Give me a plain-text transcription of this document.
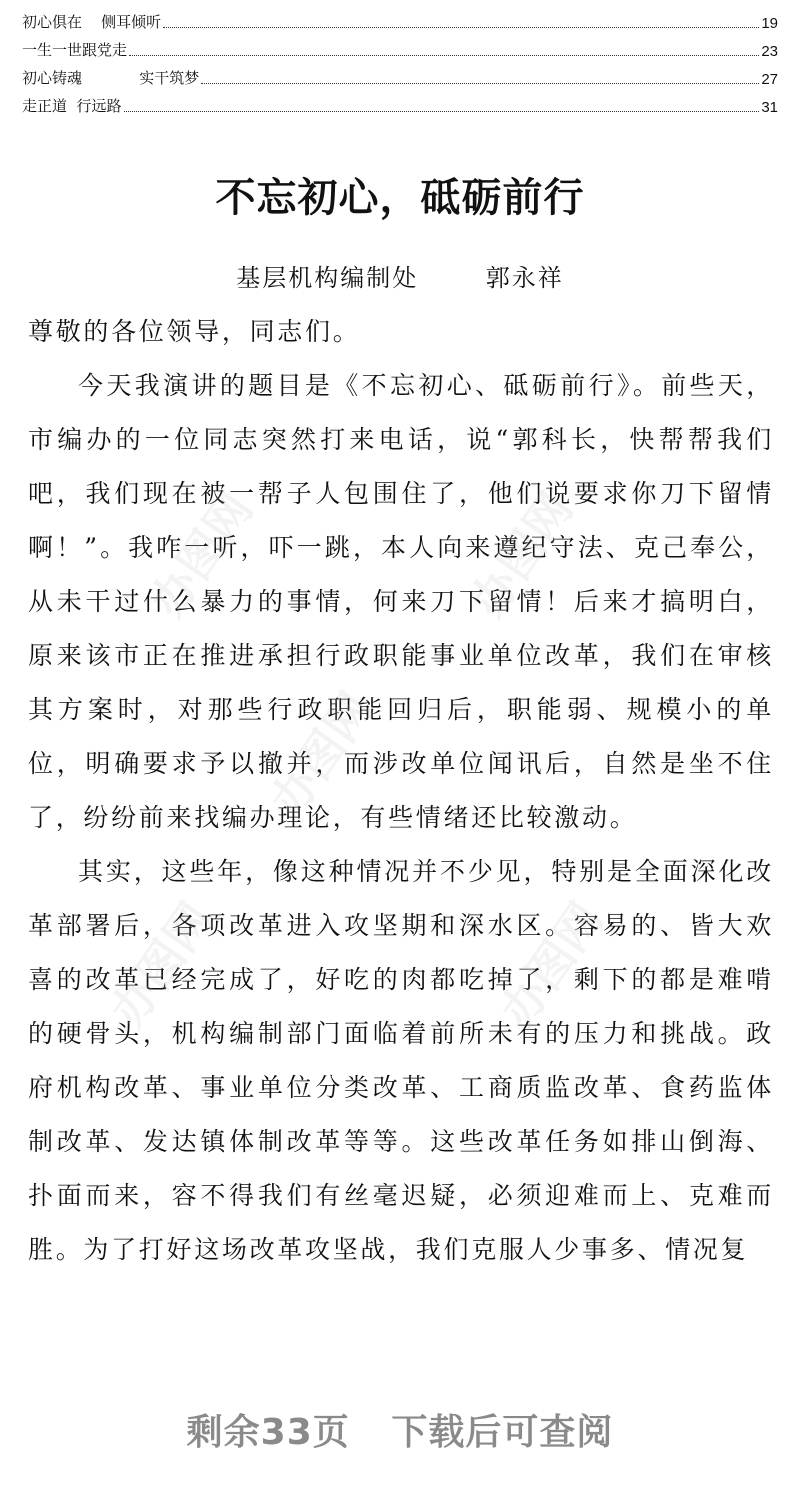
初心俱在    侧耳倾听	19
一生一世跟党走	23
初心铸魂            实干筑梦	27
走正道  行远路	31
不忘初心，砥砺前行
基层机构编制处       郭永祥

尊敬的各位领导，同志们。

今天我演讲的题目是《不忘初心、砥砺前行》。前些天，市编办的一位同志突然打来电话，说“郭科长，快帮帮我们吧，我们现在被一帮子人包围住了，他们说要求你刀下留情啊！”。我咋一听，吓一跳，本人向来遵纪守法、克己奉公，从未干过什么暴力的事情，何来刀下留情！后来才搞明白，原来该市正在推进承担行政职能事业单位改革，我们在审核其方案时，对那些行政职能回归后，职能弱、规模小的单位，明确要求予以撤并，而涉改单位闻讯后，自然是坐不住了，纷纷前来找编办理论，有些情绪还比较激动。

其实，这些年，像这种情况并不少见，特别是全面深化改革部署后，各项改革进入攻坚期和深水区。容易的、皆大欢喜的改革已经完成了，好吃的肉都吃掉了，剩下的都是难啃的硬骨头，机构编制部门面临着前所未有的压力和挑战。政府机构改革、事业单位分类改革、工商质监改革、食药监体制改革、发达镇体制改革等等。这些改革任务如排山倒海、扑面而来，容不得我们有丝毫迟疑，必须迎难而上、克难而胜。为了打好这场改革攻坚战，我们克服人少事多、情况复

办图网	办图网
办图网
办图网	办图网
剩余33页 下载后可查阅
